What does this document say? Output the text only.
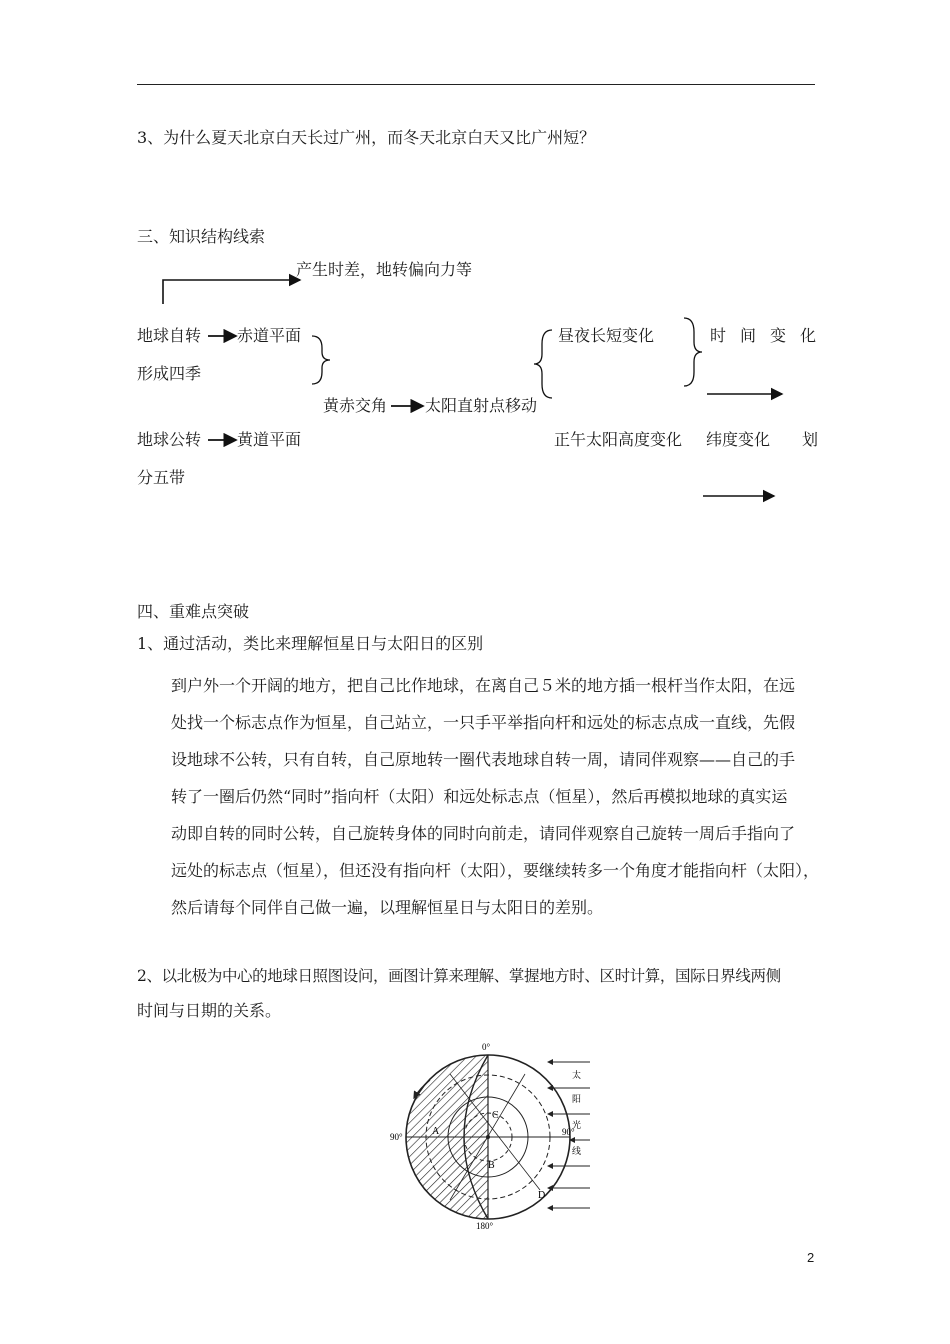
3、为什么夏天北京白天长过广州，而冬天北京白天又比广州短？
三、知识结构线索
产生时差，地转偏向力等
地球自转 赤道平面
形成四季
黄赤交角 太阳直射点移动
地球公转 黄道平面
分五带
昼夜长短变化
正午太阳高度变化
时 间 变 化
纬度变化 划
四、重难点突破
1、通过活动，类比来理解恒星日与太阳日的区别
到户外一个开阔的地方，把自己比作地球，在离自己５米的地方插一根杆当作太阳，在远
处找一个标志点作为恒星，自己站立，一只手平举指向杆和远处的标志点成一直线，先假
设地球不公转，只有自转，自己原地转一圈代表地球自转一周，请同伴观察——自己的手
转了一圈后仍然“同时”指向杆（太阳）和远处标志点（恒星），然后再模拟地球的真实运
动即自转的同时公转，自己旋转身体的同时向前走，请同伴观察自己旋转一周后手指向了
远处的标志点（恒星），但还没有指向杆（太阳），要继续转多一个角度才能指向杆（太阳），
然后请每个同伴自己做一遍，以理解恒星日与太阳日的差别。
2、以北极为中心的地球日照图设问，画图计算来理解、掌握地方时、区时计算，国际日界线两侧
时间与日期的关系。
0°
90°	90°
180°
A
B
C
D
太
阳
光
线
2
